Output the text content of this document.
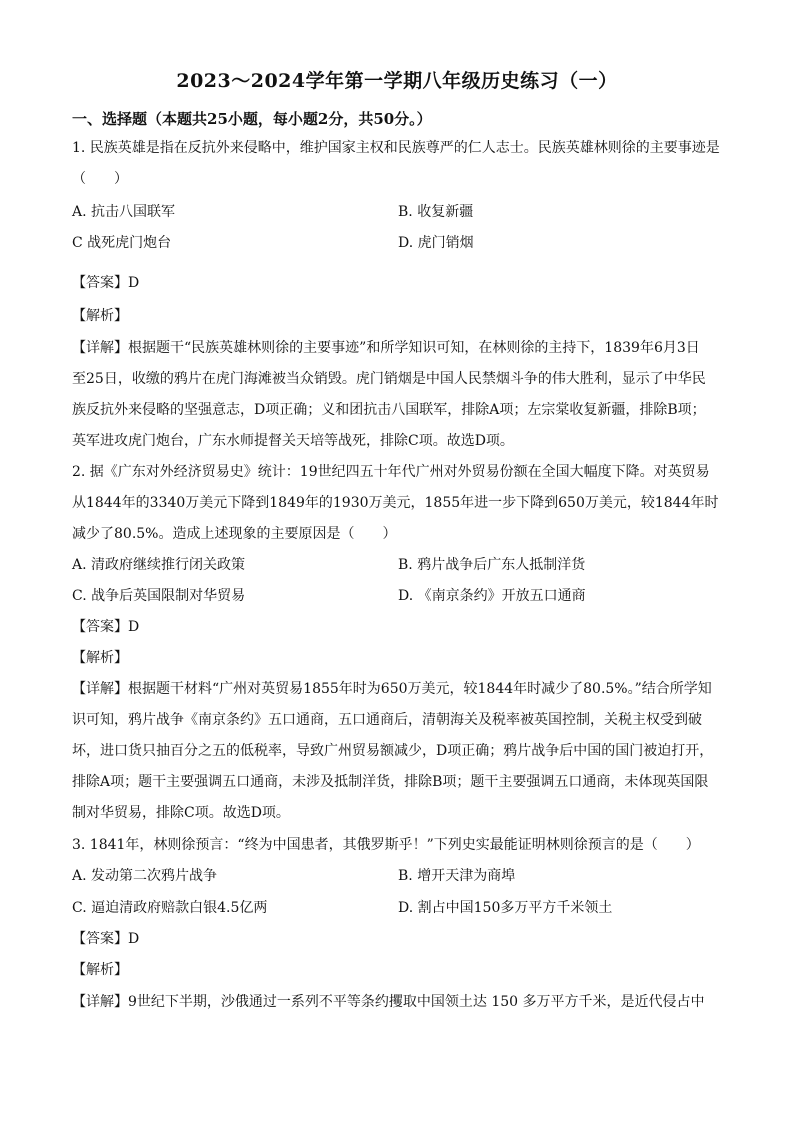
2023～2024学年第一学期八年级历史练习（一）
一、选择题（本题共25小题，每小题2分，共50分。）
1. 民族英雄是指在反抗外来侵略中，维护国家主权和民族尊严的仁人志士。民族英雄林则徐的主要事迹是
（　　）
A. 抗击八国联军	B. 收复新疆
C 战死虎门炮台	D. 虎门销烟
【答案】D
【解析】
【详解】根据题干“民族英雄林则徐的主要事迹”和所学知识可知，在林则徐的主持下，1839年6月3日
至25日，收缴的鸦片在虎门海滩被当众销毁。虎门销烟是中国人民禁烟斗争的伟大胜利，显示了中华民
族反抗外来侵略的坚强意志，D项正确；义和团抗击八国联军，排除A项；左宗棠收复新疆，排除B项；
英军进攻虎门炮台，广东水师提督关天培等战死，排除C项。故选D项。
2. 据《广东对外经济贸易史》统计：19世纪四五十年代广州对外贸易份额在全国大幅度下降。对英贸易
从1844年的3340万美元下降到1849年的1930万美元，1855年进一步下降到650万美元，较1844年时
减少了80.5%。造成上述现象的主要原因是（　　）
A. 清政府继续推行闭关政策	B. 鸦片战争后广东人抵制洋货
C. 战争后英国限制对华贸易	D. 《南京条约》开放五口通商
【答案】D
【解析】
【详解】根据题干材料“广州对英贸易1855年时为650万美元，较1844年时减少了80.5%。”结合所学知
识可知，鸦片战争《南京条约》五口通商，五口通商后，清朝海关及税率被英国控制，关税主权受到破
坏，进口货只抽百分之五的低税率，导致广州贸易额减少，D项正确；鸦片战争后中国的国门被迫打开，
排除A项；题干主要强调五口通商，未涉及抵制洋货，排除B项；题干主要强调五口通商，未体现英国限
制对华贸易，排除C项。故选D项。
3. 1841年，林则徐预言：“终为中国患者，其俄罗斯乎！”下列史实最能证明林则徐预言的是（　　）
A. 发动第二次鸦片战争	B. 增开天津为商埠
C. 逼迫清政府赔款白银4.5亿两	D. 割占中国150多万平方千米领土
【答案】D
【解析】
【详解】9世纪下半期，沙俄通过一系列不平等条约攫取中国领土达 150 多万平方千米，是近代侵占中
